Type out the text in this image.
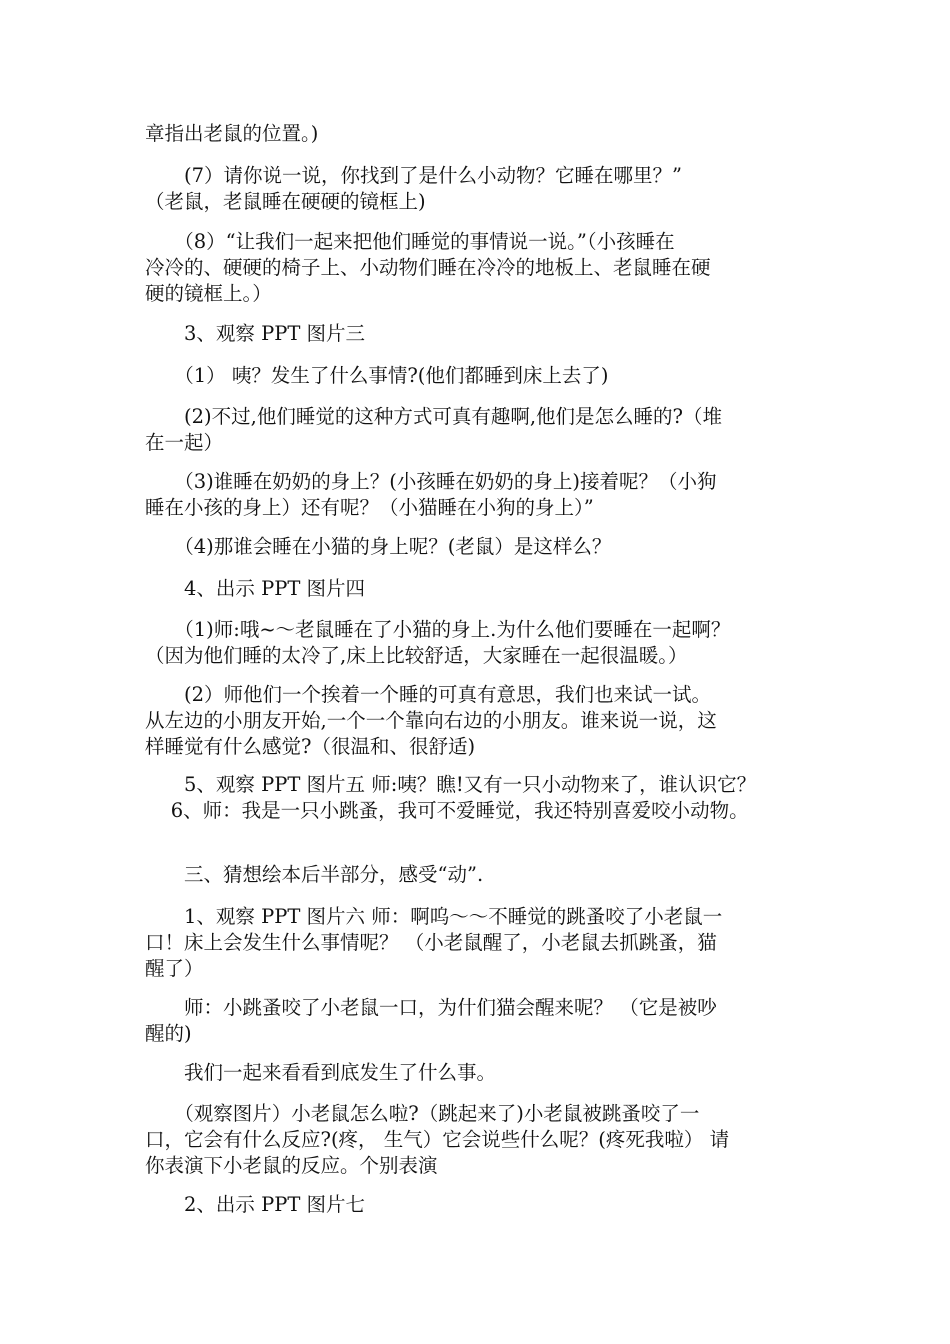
章指出老鼠的位置。)
　　(7）请你说一说，你找到了是什么小动物？它睡在哪里？”
（老鼠，老鼠睡在硬硬的镜框上)
　　（8）“让我们一起来把他们睡觉的事情说一说。”（小孩睡在
冷冷的、硬硬的椅子上、小动物们睡在冷冷的地板上、老鼠睡在硬
硬的镜框上。）
　　3、观察 PPT 图片三
　　（1） 咦？发生了什么事情?(他们都睡到床上去了)
　　(2)不过,他们睡觉的这种方式可真有趣啊,他们是怎么睡的?（堆
在一起）
　　（3)谁睡在奶奶的身上？(小孩睡在奶奶的身上)接着呢？（小狗
睡在小孩的身上）还有呢？（小猫睡在小狗的身上）”
　　（4)那谁会睡在小猫的身上呢？(老鼠）是这样么？
　　4、出示 PPT 图片四
　　（1)师:哦~～老鼠睡在了小猫的身上.为什么他们要睡在一起啊？
（因为他们睡的太冷了,床上比较舒适，大家睡在一起很温暖。）
　　(2）师他们一个挨着一个睡的可真有意思，我们也来试一试。
从左边的小朋友开始,一个一个靠向右边的小朋友。谁来说一说，这
样睡觉有什么感觉?（很温和、很舒适)
　　5、观察 PPT 图片五 师:咦？瞧!又有一只小动物来了，谁认识它？
　 6、师：我是一只小跳蚤，我可不爱睡觉，我还特别喜爱咬小动物。
　　三、猜想绘本后半部分，感受“动”.
　　1、观察 PPT 图片六 师：啊呜～～不睡觉的跳蚤咬了小老鼠一
口！床上会发生什么事情呢？ （小老鼠醒了，小老鼠去抓跳蚤，猫
醒了）
　　师：小跳蚤咬了小老鼠一口，为什们猫会醒来呢？ （它是被吵
醒的)
　　我们一起来看看到底发生了什么事。
　　（观察图片）小老鼠怎么啦?（跳起来了)小老鼠被跳蚤咬了一
口，它会有什么反应?(疼， 生气）它会说些什么呢？(疼死我啦） 请
你表演下小老鼠的反应。个别表演
　　2、出示 PPT 图片七
